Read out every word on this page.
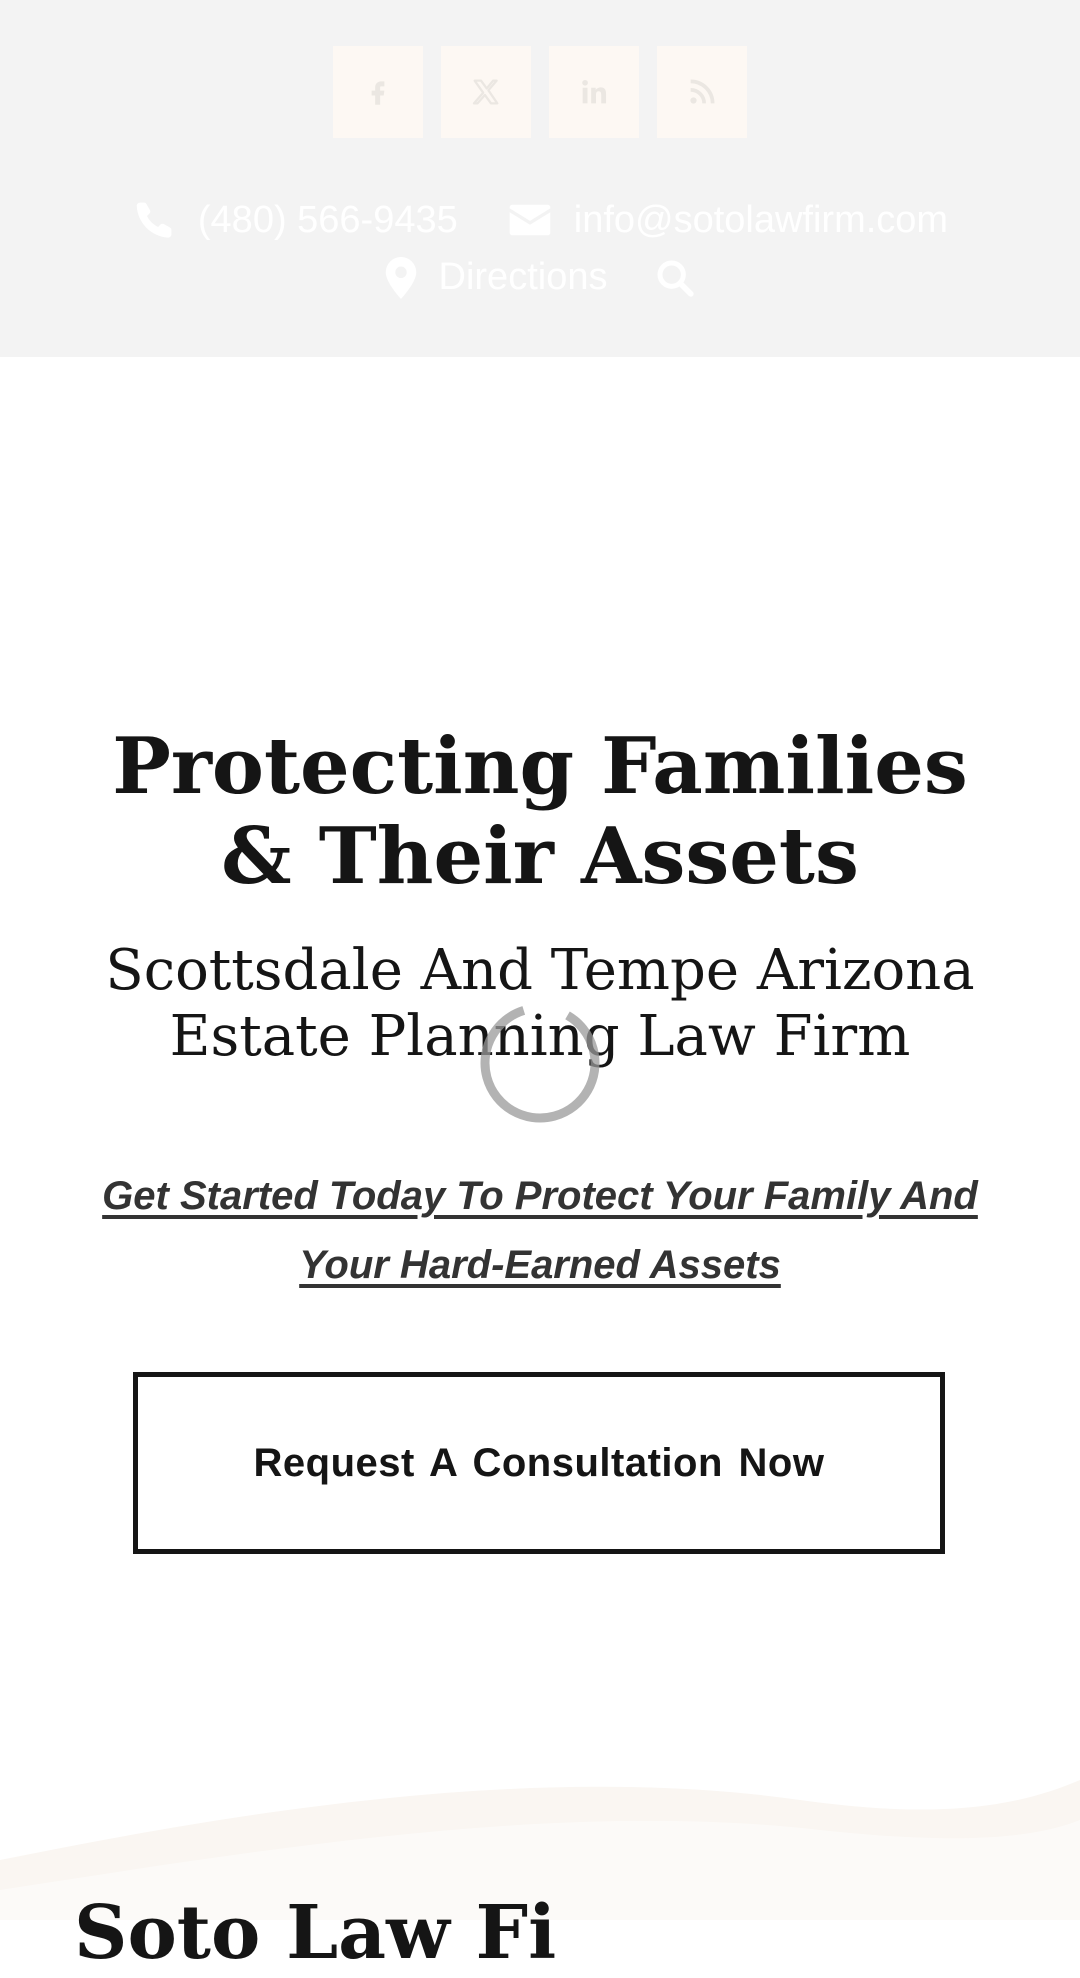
(480) 566-9435	info@sotolawfirm.com
Directions
Protecting Families
& Their Assets
Scottsdale And Tempe Arizona Estate Planning Law Firm

Get Started Today To Protect Your Family And Your Hard-Earned Assets

Request A Consultation Now
Soto Law Fi
